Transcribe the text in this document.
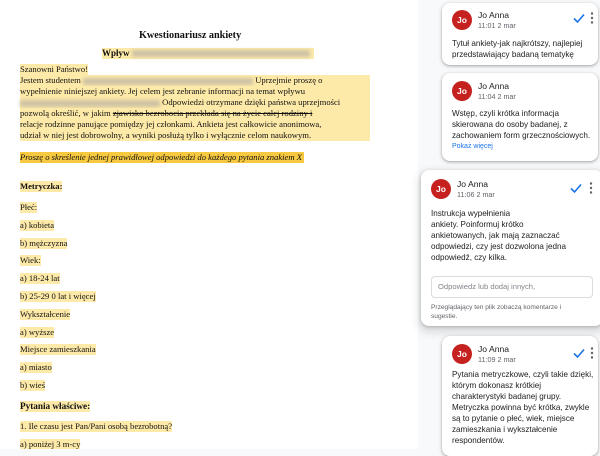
Kwestionariusz ankiety
Wpływ
Szanowni Państwo!
Jestem studentem	Uprzejmie proszę o
wypełnienie niniejszej ankiety. Jej celem jest zebranie informacji na temat wpływu
Odpowiedzi otrzymane dzięki państwa uprzejmości
pozwolą określić, w jakim zjawisko bezrobocia przekłada się na życie całej rodziny i
relacje rodzinne panujące pomiędzy jej członkami. Ankieta jest całkowicie anonimowa,
udział w niej jest dobrowolny, a wyniki posłużą tylko i wyłącznie celom naukowym.
Proszę o skreślenie jednej prawidłowej odpowiedzi do każdego pytania znakiem X
Metryczka:
Płeć:
a) kobieta
b) mężczyzna
Wiek:
a) 18-24 lat
b) 25-29 0 lat i więcej
Wykształcenie
a) wyższe
Miejsce zamieszkania
a) miasto
b) wieś
Pytania właściwe:
1. Ile czasu jest Pan/Pani osobą bezrobotną?
a) poniżej 3 m-cy
Jo	Jo Anna
11:01 2 mar
Tytuł ankiety-jak najkrótszy, najlepiej
przedstawiający badaną tematykę
Jo	Jo Anna
11:04 2 mar
Wstęp, czyli krótka informacja
skierowana do osoby badanej, z
zachowaniem form grzecznościowych.
Pokaż więcej
Jo	Jo Anna
11:06 2 mar
Instrukcja wypełnienia
ankiety. Poinformuj krótko
ankietowanych, jak mają zaznaczać
odpowiedzi, czy jest dozwolona jedna
odpowiedź, czy kilka.
Odpowiedz lub dodaj innych,
Przeglądający ten plik zobaczą komentarze i
sugestie.
Jo	Jo Anna
11:09 2 mar
Pytania metryczkowe, czyli takie dzięki,
którym dokonasz krótkiej
charakterystyki badanej grupy.
Metryczka powinna być krótka, zwykle
są to pytanie o płeć, wiek, miejsce
zamieszkania i wykształcenie
respondentów.
